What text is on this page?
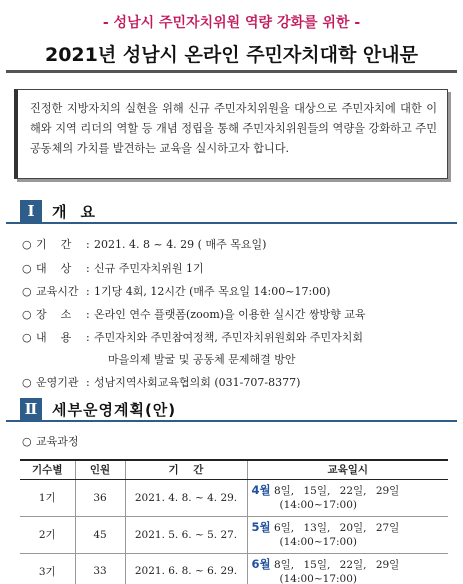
- 성남시 주민자치위원 역량 강화를 위한 -
2021년 성남시 온라인 주민자치대학 안내문
진정한 지방자치의 실현을 위해 신규 주민자치위원을 대상으로 주민자치에 대한 이해와 지역 리더의 역할 등 개념 정립을 통해 주민자치위원들의 역량을 강화하고 주민 공동체의 가치를 발견하는 교육을 실시하고자 합니다.
Ⅰ	개요
○ 기    간 : 2021. 4. 8 ~ 4. 29 ( 매주 목요일)
○ 대    상 : 신규 주민자치위원 1기
○ 교육시간 : 1기당 4회, 12시간 (매주 목요일 14:00~17:00)
○ 장    소 : 온라인 연수 플랫폼(zoom)을 이용한 실시간 쌍방향 교육
○ 내    용 : 주민자치와 주민참여정책, 주민자치위원회와 주민자치회
마을의제 발굴 및 공동체 문제해결 방안
○ 운영기관 : 성남지역사회교육협의회 (031-707-8377)
Ⅱ 세부운영계획(안)
○ 교육과정
기수별	인원	기    간	교육일시
1기	36	2021. 4. 8. ~ 4. 29.	4월 8일, 15일, 22일, 29일
(14:00~17:00)

2기	45	2021. 5. 6. ~ 5. 27.	5월 6일, 13일, 20일, 27일
(14:00~17:00)

3기	33	2021. 6. 8. ~ 6. 29.	6월 8일, 15일, 22일, 29일
(14:00~17:00)
